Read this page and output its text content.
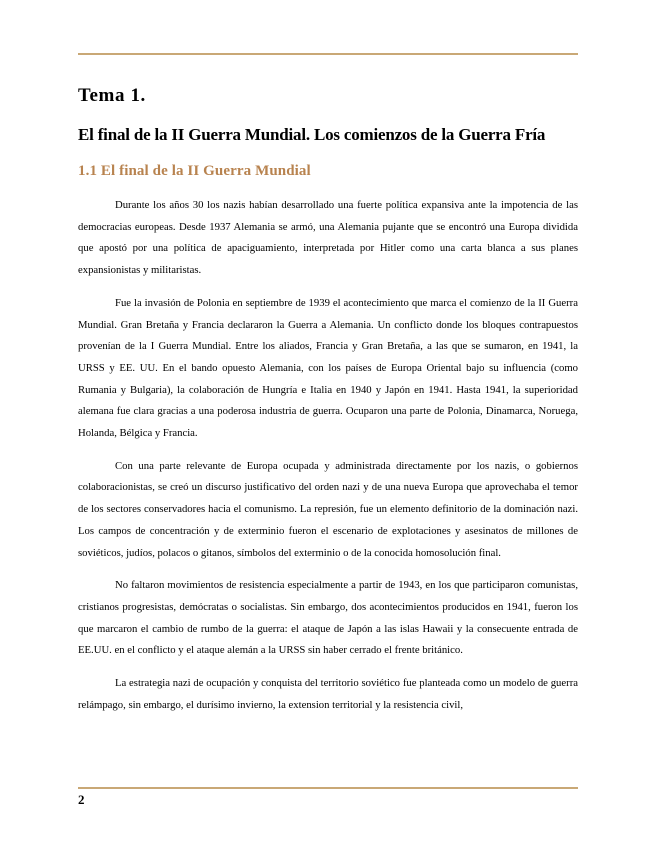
Tema 1.
El final de la II Guerra Mundial. Los comienzos de la Guerra Fría
1.1 El final de la II Guerra Mundial

Durante los años 30 los nazis habían desarrollado una fuerte política expansiva ante la impotencia de las democracias europeas. Desde 1937 Alemania se armó, una Alemania pujante que se encontró una Europa dividida que apostó por una política de apaciguamiento, interpretada por Hitler como una carta blanca a sus planes expansionistas y militaristas.

Fue la invasión de Polonia en septiembre de 1939 el acontecimiento que marca el comienzo de la II Guerra Mundial. Gran Bretaña y Francia declararon la Guerra a Alemania. Un conflicto donde los bloques contrapuestos provenían de la I Guerra Mundial. Entre los aliados, Francia y Gran Bretaña, a las que se sumaron, en 1941, la URSS y EE. UU. En el bando opuesto Alemania, con los países de Europa Oriental bajo su influencia (como Rumania y Bulgaria), la colaboración de Hungría e Italia en 1940 y Japón en 1941. Hasta 1941, la superioridad alemana fue clara gracias a una poderosa industria de guerra. Ocuparon una parte de Polonia, Dinamarca, Noruega, Holanda, Bélgica y Francia.

Con una parte relevante de Europa ocupada y administrada directamente por los nazis, o gobiernos colaboracionistas, se creó un discurso justificativo del orden nazi y de una nueva Europa que aprovechaba el temor de los sectores conservadores hacia el comunismo. La represión, fue un elemento definitorio de la dominación nazi. Los campos de concentración y de exterminio fueron el escenario de explotaciones y asesinatos de millones de soviéticos, judíos, polacos o gitanos, símbolos del exterminio o de la conocida homosolución final.

No faltaron movimientos de resistencia especialmente a partir de 1943, en los que participaron comunistas, cristianos progresistas, demócratas o socialistas. Sin embargo, dos acontecimientos producidos en 1941, fueron los que marcaron el cambio de rumbo de la guerra: el ataque de Japón a las islas Hawaii y la consecuente entrada de EE.UU. en el conflicto y el ataque alemán a la URSS sin haber cerrado el frente británico.

La estrategia nazi de ocupación y conquista del territorio soviético fue planteada como un modelo de guerra relámpago, sin embargo, el durísimo invierno, la extension territorial y la resistencia civil,

2
